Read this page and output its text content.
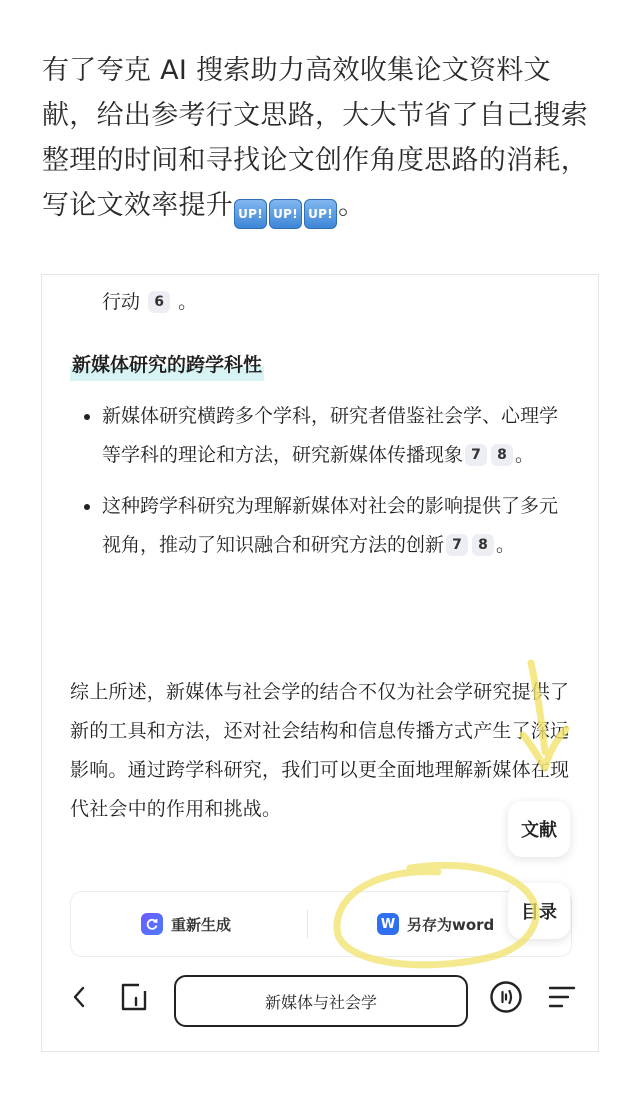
有了夸克 AI 搜索助力高效收集论文资料文献，给出参考行文思路，大大节省了自己搜索整理的时间和寻找论文创作角度思路的消耗，写论文效率提升 UP! UP! UP! 。
行动 6 。
新媒体研究的跨学科性
新媒体研究横跨多个学科，研究者借鉴社会学、心理学等学科的理论和方法，研究新媒体传播现象 7 8 。
这种跨学科研究为理解新媒体对社会的影响提供了多元视角，推动了知识融合和研究方法的创新 7 8 。
综上所述，新媒体与社会学的结合不仅为社会学研究提供了新的工具和方法，还对社会结构和信息传播方式产生了深远影响。通过跨学科研究，我们可以更全面地理解新媒体在现代社会中的作用和挑战。
重新生成	W 另存为word
文献
目录
新媒体与社会学
